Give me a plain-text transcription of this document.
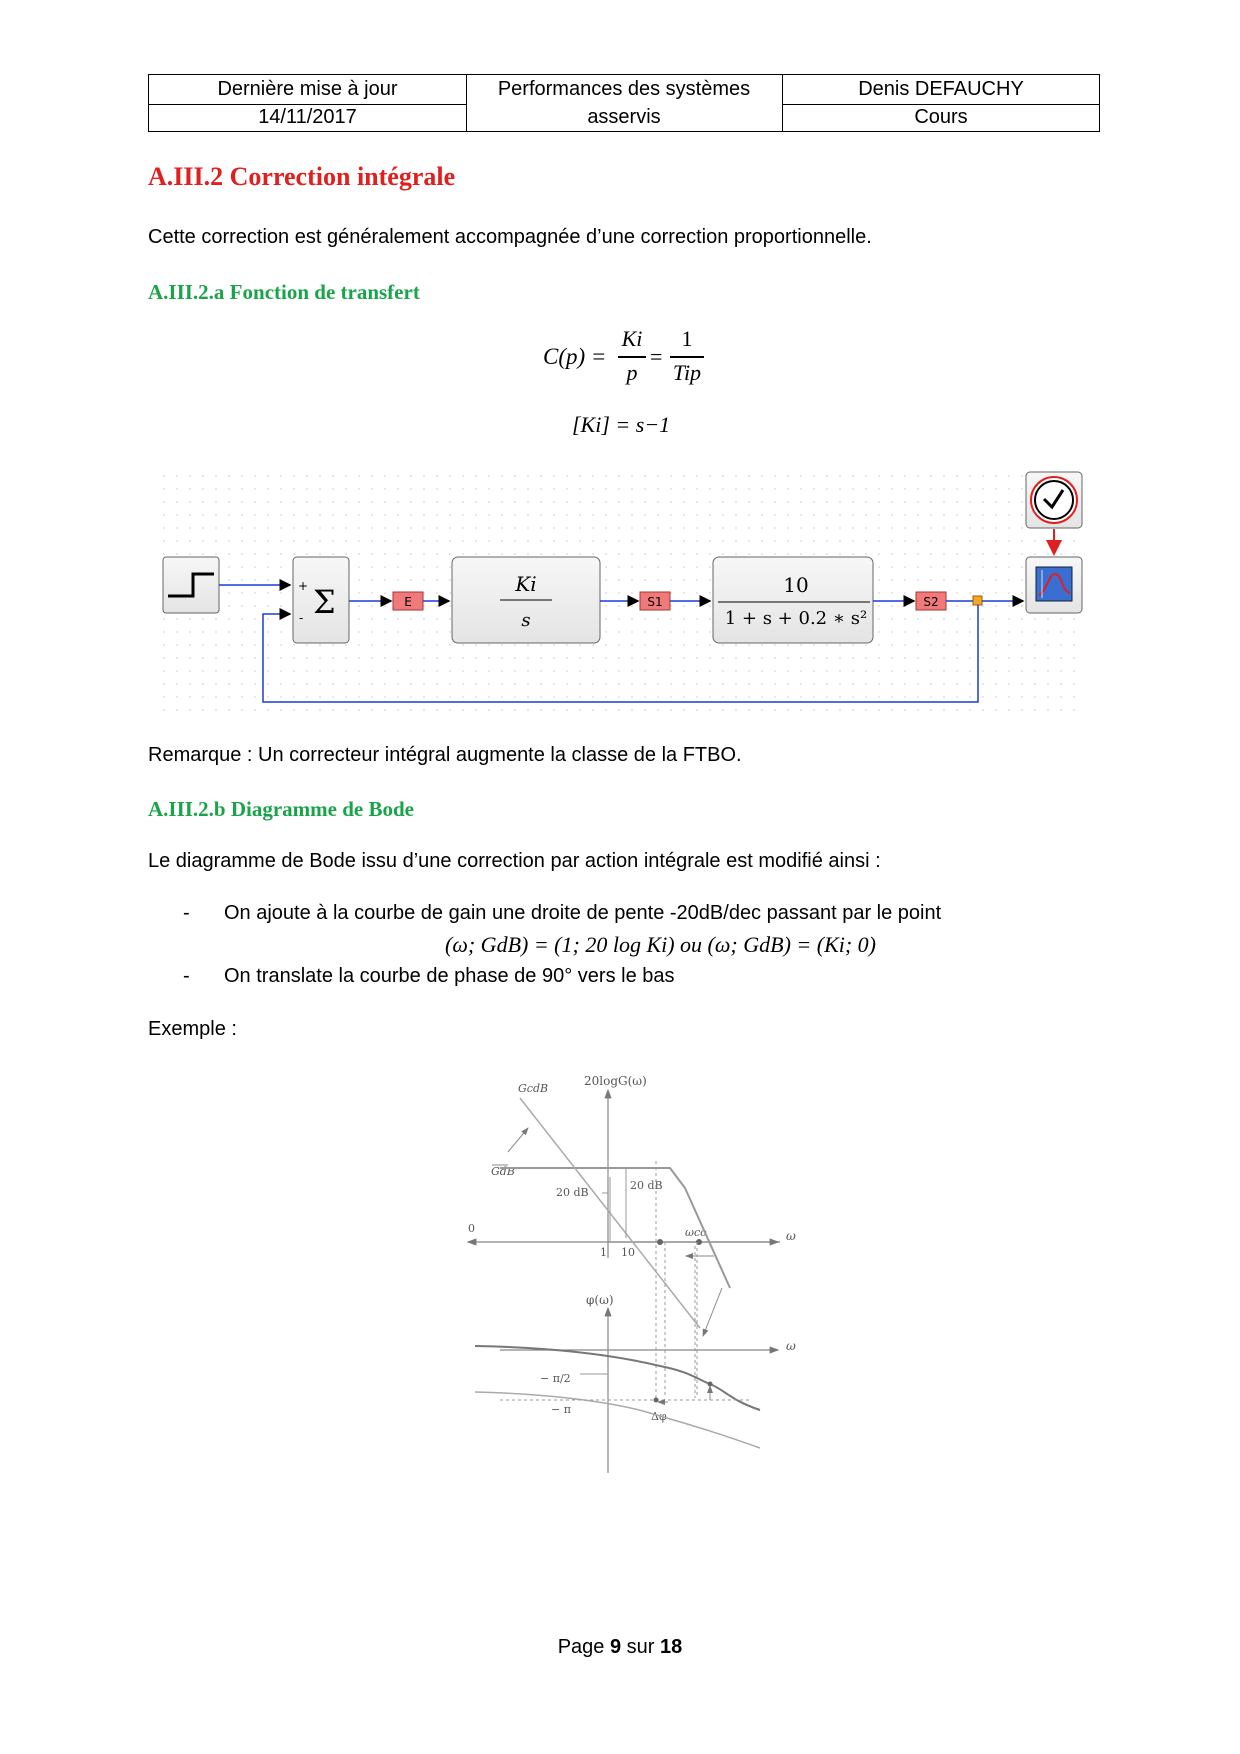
Dernière mise à jour
14/11/2017
Performances des systèmes
asservis
Denis DEFAUCHY
Cours
A.III.2 Correction intégrale
Cette correction est généralement accompagnée d’une correction proportionnelle.
A.III.2.a Fonction de transfert
C(p) =
Ki
p
=
1
Tip
[Ki] = s−1
Σ
+
-
E
Ki
s
S1
10
1 + s + 0.2 ∗ s²
S2
Remarque : Un correcteur intégral augmente la classe de la FTBO.
A.III.2.b Diagramme de Bode
Le diagramme de Bode issu d’une correction par action intégrale est modifié ainsi :
- On ajoute à la courbe de gain une droite de pente -20dB/dec passant par le point
(ω; GdB) = (1; 20 log Ki) ou (ω; GdB) = (Ki; 0)
- On translate la courbe de phase de 90° vers le bas
Exemple :
20logG(ω)
GcdB
GdB
20 dB
20 dB
0
1 10
ω
ωco
φ(ω)
ω
− π/2
− π
Δφ
Page 9 sur 18
